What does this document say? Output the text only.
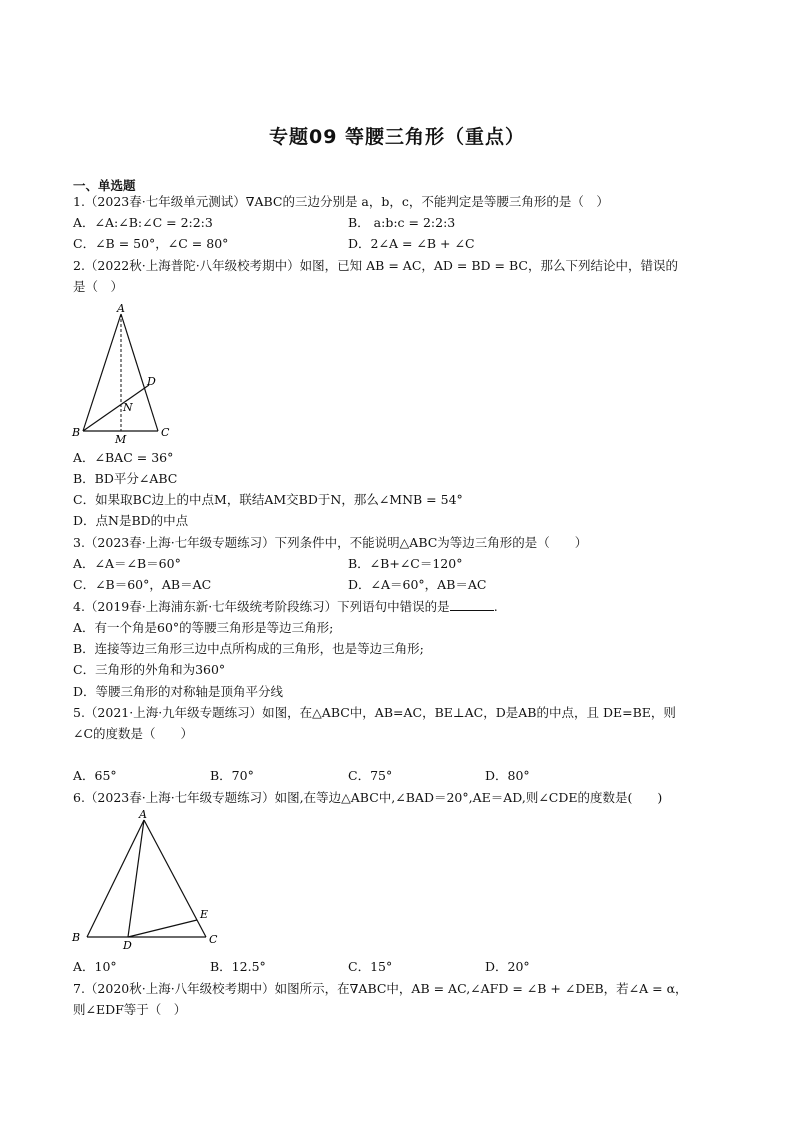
专题09 等腰三角形（重点）
一、单选题
1.（2023春·七年级单元测试）∇ABC的三边分别是 a，b，c，不能判定是等腰三角形的是（　）
A．∠A:∠B:∠C = 2:2:3	B． a:b:c = 2:2:3
C．∠B = 50°，∠C = 80°	D．2∠A = ∠B + ∠C
2.（2022秋·上海普陀·八年级校考期中）如图，已知 AB = AC，AD = BD = BC，那么下列结论中，错误的
是（　）
A
B	C
D
N
M
A．∠BAC = 36°
B．BD平分∠ABC
C．如果取BC边上的中点M，联结AM交BD于N，那么∠MNB = 54°
D．点N是BD的中点
3.（2023春·上海·七年级专题练习）下列条件中，不能说明△ABC为等边三角形的是（　　）
A．∠A＝∠B＝60°	B．∠B+∠C＝120°
C．∠B＝60°，AB＝AC	D．∠A＝60°，AB＝AC
4.（2019春·上海浦东新·七年级统考阶段练习）下列语句中错误的是	.
A．有一个角是60°的等腰三角形是等边三角形;
B．连接等边三角形三边中点所构成的三角形，也是等边三角形;
C．三角形的外角和为360°
D．等腰三角形的对称轴是顶角平分线
5.（2021·上海·九年级专题练习）如图，在△ABC中，AB=AC，BE⊥AC，D是AB的中点，且 DE=BE，则
∠C的度数是（　　）
A．65°	B．70°	C．75°	D．80°
6.（2023春·上海·七年级专题练习）如图,在等边△ABC中,∠BAD＝20°,AE＝AD,则∠CDE的度数是(　　)
A
B	C
D
E
A．10°	B．12.5°	C．15°	D．20°
7.（2020秋·上海·八年级校考期中）如图所示，在∇ABC中，AB = AC,∠AFD = ∠B + ∠DEB，若∠A = α，
则∠EDF等于（　）
